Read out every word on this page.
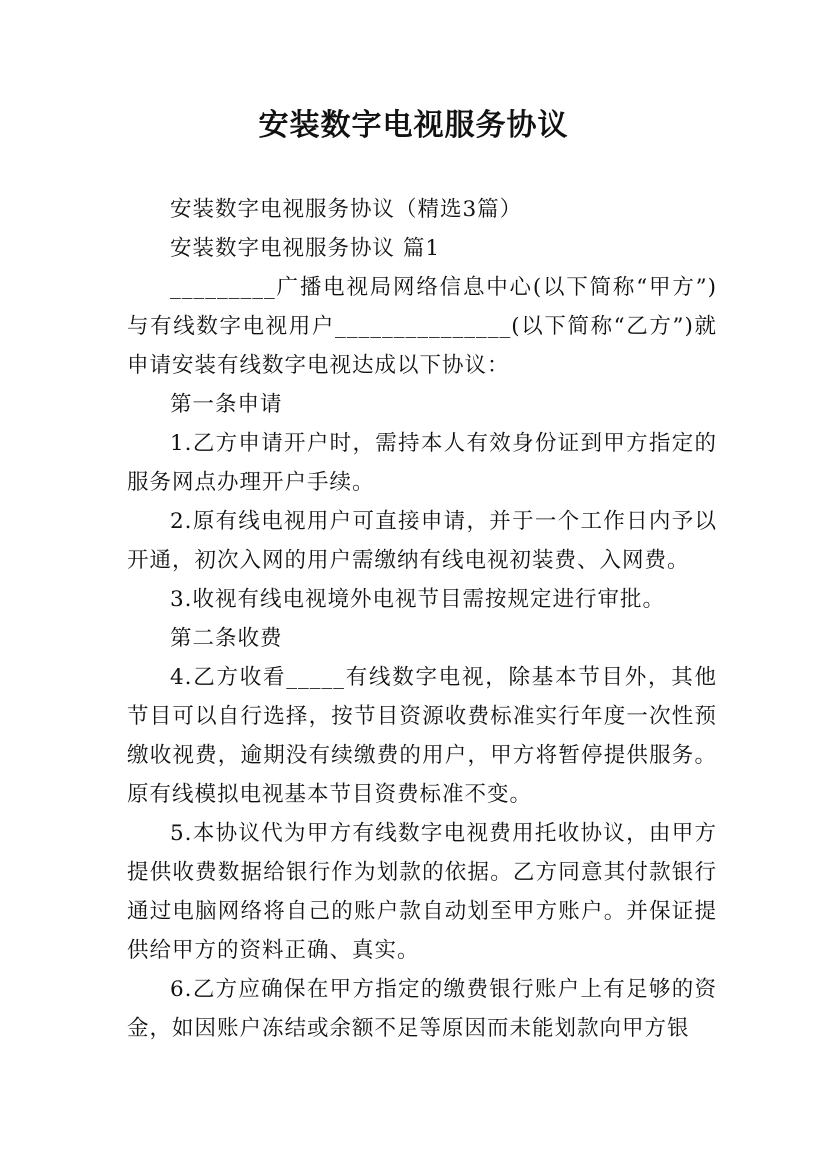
安装数字电视服务协议

安装数字电视服务协议（精选3篇）

安装数字电视服务协议 篇1

_________广播电视局网络信息中心(以下简称“甲方”)与有线数字电视用户_______________(以下简称“乙方”)就申请安装有线数字电视达成以下协议：

第一条申请

1.乙方申请开户时，需持本人有效身份证到甲方指定的服务网点办理开户手续。

2.原有线电视用户可直接申请，并于一个工作日内予以开通，初次入网的用户需缴纳有线电视初装费、入网费。

3.收视有线电视境外电视节目需按规定进行审批。

第二条收费

4.乙方收看_____有线数字电视，除基本节目外，其他节目可以自行选择，按节目资源收费标准实行年度一次性预缴收视费，逾期没有续缴费的用户，甲方将暂停提供服务。原有线模拟电视基本节目资费标准不变。

5.本协议代为甲方有线数字电视费用托收协议，由甲方提供收费数据给银行作为划款的依据。乙方同意其付款银行通过电脑网络将自己的账户款自动划至甲方账户。并保证提供给甲方的资料正确、真实。

6.乙方应确保在甲方指定的缴费银行账户上有足够的资金，如因账户冻结或余额不足等原因而未能划款向甲方银
